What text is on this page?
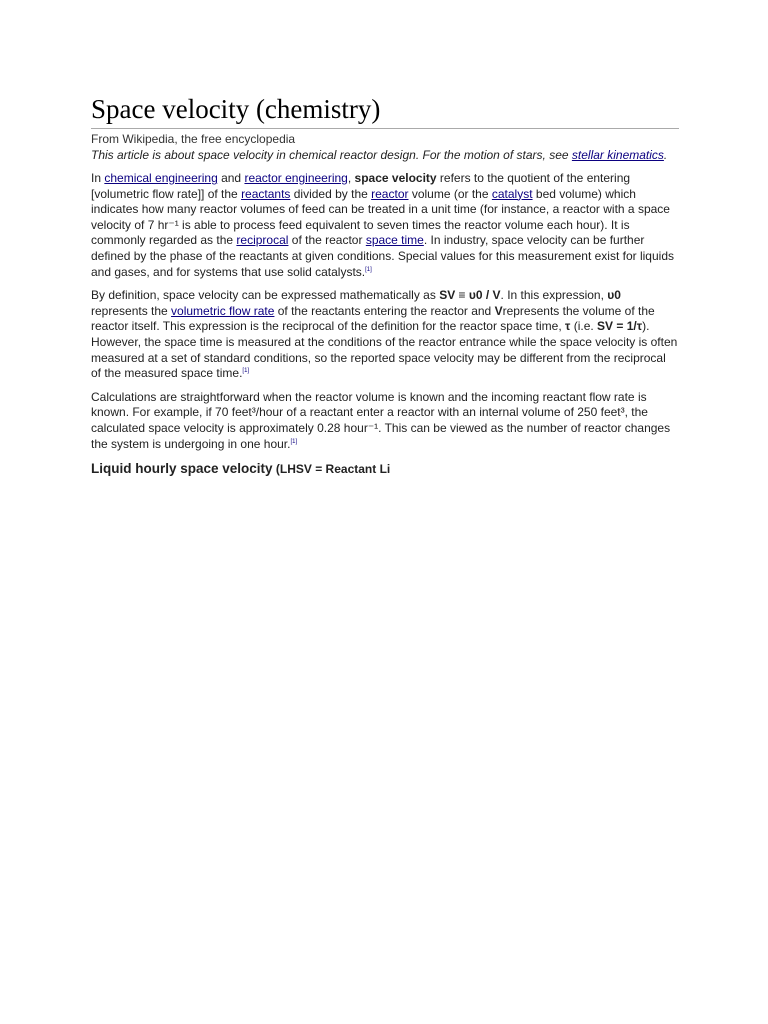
Space velocity (chemistry)
From Wikipedia, the free encyclopedia
This article is about space velocity in chemical reactor design. For the motion of stars, see stellar kinematics.

In chemical engineering and reactor engineering, space velocity refers to the quotient of the entering [volumetric flow rate]] of the reactants divided by the reactor volume (or the catalyst bed volume) which indicates how many reactor volumes of feed can be treated in a unit time (for instance, a reactor with a space velocity of 7 hr⁻¹ is able to process feed equivalent to seven times the reactor volume each hour). It is commonly regarded as the reciprocal of the reactor space time. In industry, space velocity can be further defined by the phase of the reactants at given conditions. Special values for this measurement exist for liquids and gases, and for systems that use solid catalysts.[1]

By definition, space velocity can be expressed mathematically as SV ≡ υ0 / V. In this expression, υ0 represents the volumetric flow rate of the reactants entering the reactor and Vrepresents the volume of the reactor itself. This expression is the reciprocal of the definition for the reactor space time, τ (i.e. SV = 1/τ). However, the space time is measured at the conditions of the reactor entrance while the space velocity is often measured at a set of standard conditions, so the reported space velocity may be different from the reciprocal of the measured space time.[1]

Calculations are straightforward when the reactor volume is known and the incoming reactant flow rate is known. For example, if 70 feet³/hour of a reactant enter a reactor with an internal volume of 250 feet³, the calculated space velocity is approximately 0.28 hour⁻¹. This can be viewed as the number of reactor changes the system is undergoing in one hour.[1]

Liquid hourly space velocity (LHSV = Reactant Li
